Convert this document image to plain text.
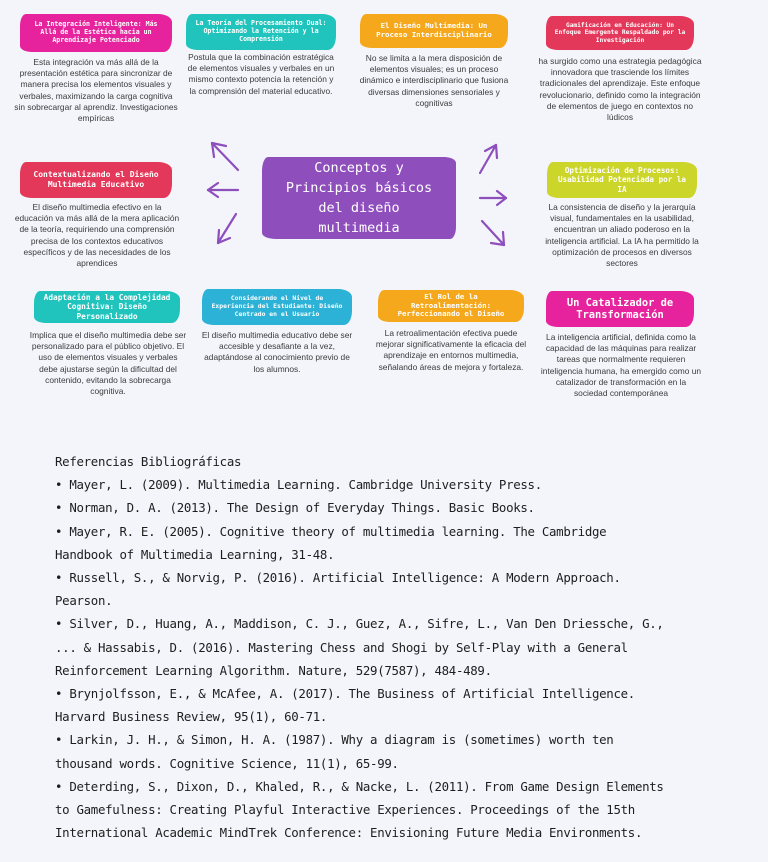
La Integración Inteligente: Más Allá de la Estética hacia un Aprendizaje Potenciado
Esta integración va más allá de la presentación estética para sincronizar de manera precisa los elementos visuales y verbales, maximizando la carga cognitiva sin sobrecargar al aprendiz. Investigaciones empíricas
La Teoría del Procesamiento Dual: Optimizando la Retención y la Comprensión
Postula que la combinación estratégica de elementos visuales y verbales en un mismo contexto potencia la retención y la comprensión del material educativo.
El Diseño Multimedia: Un Proceso Interdisciplinario
No se limita a la mera disposición de elementos visuales; es un proceso dinámico e interdisciplinario que fusiona diversas dimensiones sensoriales y cognitivas
Gamificación en Educación: Un Enfoque Emergente Respaldado por la Investigación
ha surgido como una estrategia pedagógica innovadora que trasciende los límites tradicionales del aprendizaje. Este enfoque revolucionario, definido como la integración de elementos de juego en contextos no lúdicos
Contextualizando el Diseño Multimedia Educativo
El diseño multimedia efectivo en la educación va más allá de la mera aplicación de la teoría, requiriendo una comprensión precisa de los contextos educativos específicos y de las necesidades de los aprendices
Optimización de Procesos: Usabilidad Potenciada por la IA
La consistencia de diseño y la jerarquía visual, fundamentales en la usabilidad, encuentran un aliado poderoso en la inteligencia artificial. La IA ha permitido la optimización de procesos en diversos sectores
Adaptación a la Complejidad Cognitiva: Diseño Personalizado
Implica que el diseño multimedia debe ser personalizado para el público objetivo. El uso de elementos visuales y verbales debe ajustarse según la dificultad del contenido, evitando la sobrecarga cognitiva.
Considerando el Nivel de Experiencia del Estudiante: Diseño Centrado en el Usuario
El diseño multimedia educativo debe ser accesible y desafiante a la vez, adaptándose al conocimiento previo de los alumnos.
El Rol de la Retroalimentación: Perfeccionando el Diseño
La retroalimentación efectiva puede mejorar significativamente la eficacia del aprendizaje en entornos multimedia, señalando áreas de mejora y fortaleza.
Un Catalizador de Transformación
La inteligencia artificial, definida como la capacidad de las máquinas para realizar tareas que normalmente requieren inteligencia humana, ha emergido como un catalizador de transformación en la sociedad contemporánea
Conceptos y Principios básicos del diseño multimedia

Referencias Bibliográficas

• Mayer, L. (2009). Multimedia Learning. Cambridge University Press.

• Norman, D. A. (2013). The Design of Everyday Things. Basic Books.

• Mayer, R. E. (2005). Cognitive theory of multimedia learning. The Cambridge Handbook of Multimedia Learning, 31-48.

• Russell, S., & Norvig, P. (2016). Artificial Intelligence: A Modern Approach. Pearson.

• Silver, D., Huang, A., Maddison, C. J., Guez, A., Sifre, L., Van Den Driessche, G., ... & Hassabis, D. (2016). Mastering Chess and Shogi by Self-Play with a General Reinforcement Learning Algorithm. Nature, 529(7587), 484-489.

• Brynjolfsson, E., & McAfee, A. (2017). The Business of Artificial Intelligence. Harvard Business Review, 95(1), 60-71.

• Larkin, J. H., & Simon, H. A. (1987). Why a diagram is (sometimes) worth ten thousand words. Cognitive Science, 11(1), 65-99.

• Deterding, S., Dixon, D., Khaled, R., & Nacke, L. (2011). From Game Design Elements to Gamefulness: Creating Playful Interactive Experiences. Proceedings of the 15th International Academic MindTrek Conference: Envisioning Future Media Environments.
